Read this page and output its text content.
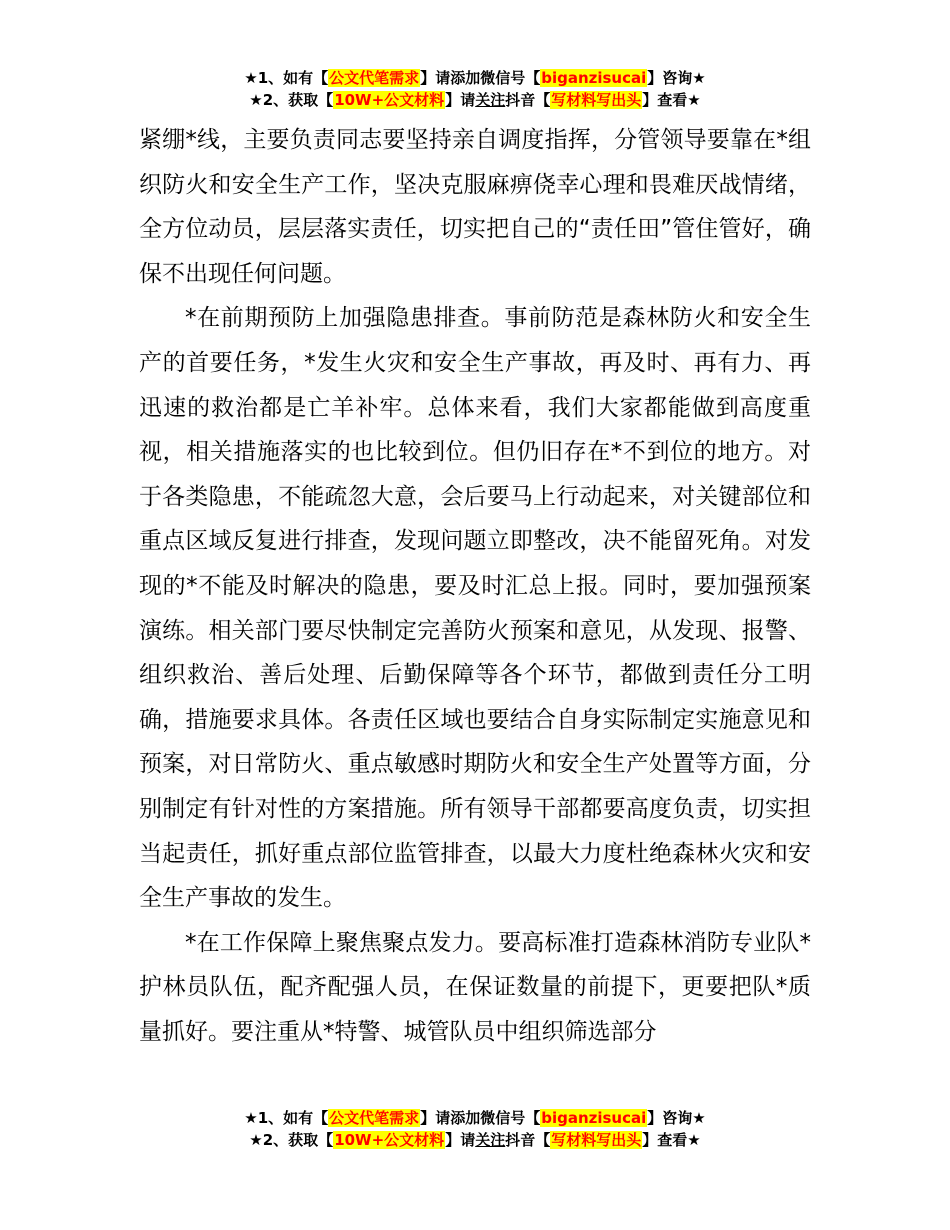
★1、如有【公文代笔需求】请添加微信号【biganzisucai】咨询★
★2、获取【10W+公文材料】请关注抖音【写材料写出头】查看★

紧绷*线，主要负责同志要坚持亲自调度指挥，分管领导要靠在*组织防火和安全生产工作，坚决克服麻痹侥幸心理和畏难厌战情绪，全方位动员，层层落实责任，切实把自己的“责任田”管住管好，确保不出现任何问题。

*在前期预防上加强隐患排查。事前防范是森林防火和安全生产的首要任务，*发生火灾和安全生产事故，再及时、再有力、再迅速的救治都是亡羊补牢。总体来看，我们大家都能做到高度重视，相关措施落实的也比较到位。但仍旧存在*不到位的地方。对于各类隐患，不能疏忽大意，会后要马上行动起来，对关键部位和重点区域反复进行排查，发现问题立即整改，决不能留死角。对发现的*不能及时解决的隐患，要及时汇总上报。同时，要加强预案演练。相关部门要尽快制定完善防火预案和意见，从发现、报警、组织救治、善后处理、后勤保障等各个环节，都做到责任分工明确，措施要求具体。各责任区域也要结合自身实际制定实施意见和预案，对日常防火、重点敏感时期防火和安全生产处置等方面，分别制定有针对性的方案措施。所有领导干部都要高度负责，切实担当起责任，抓好重点部位监管排查，以最大力度杜绝森林火灾和安全生产事故的发生。

*在工作保障上聚焦聚点发力。要高标准打造森林消防专业队*护林员队伍，配齐配强人员，在保证数量的前提下，更要把队*质量抓好。要注重从*特警、城管队员中组织筛选部分

★1、如有【公文代笔需求】请添加微信号【biganzisucai】咨询★
★2、获取【10W+公文材料】请关注抖音【写材料写出头】查看★
